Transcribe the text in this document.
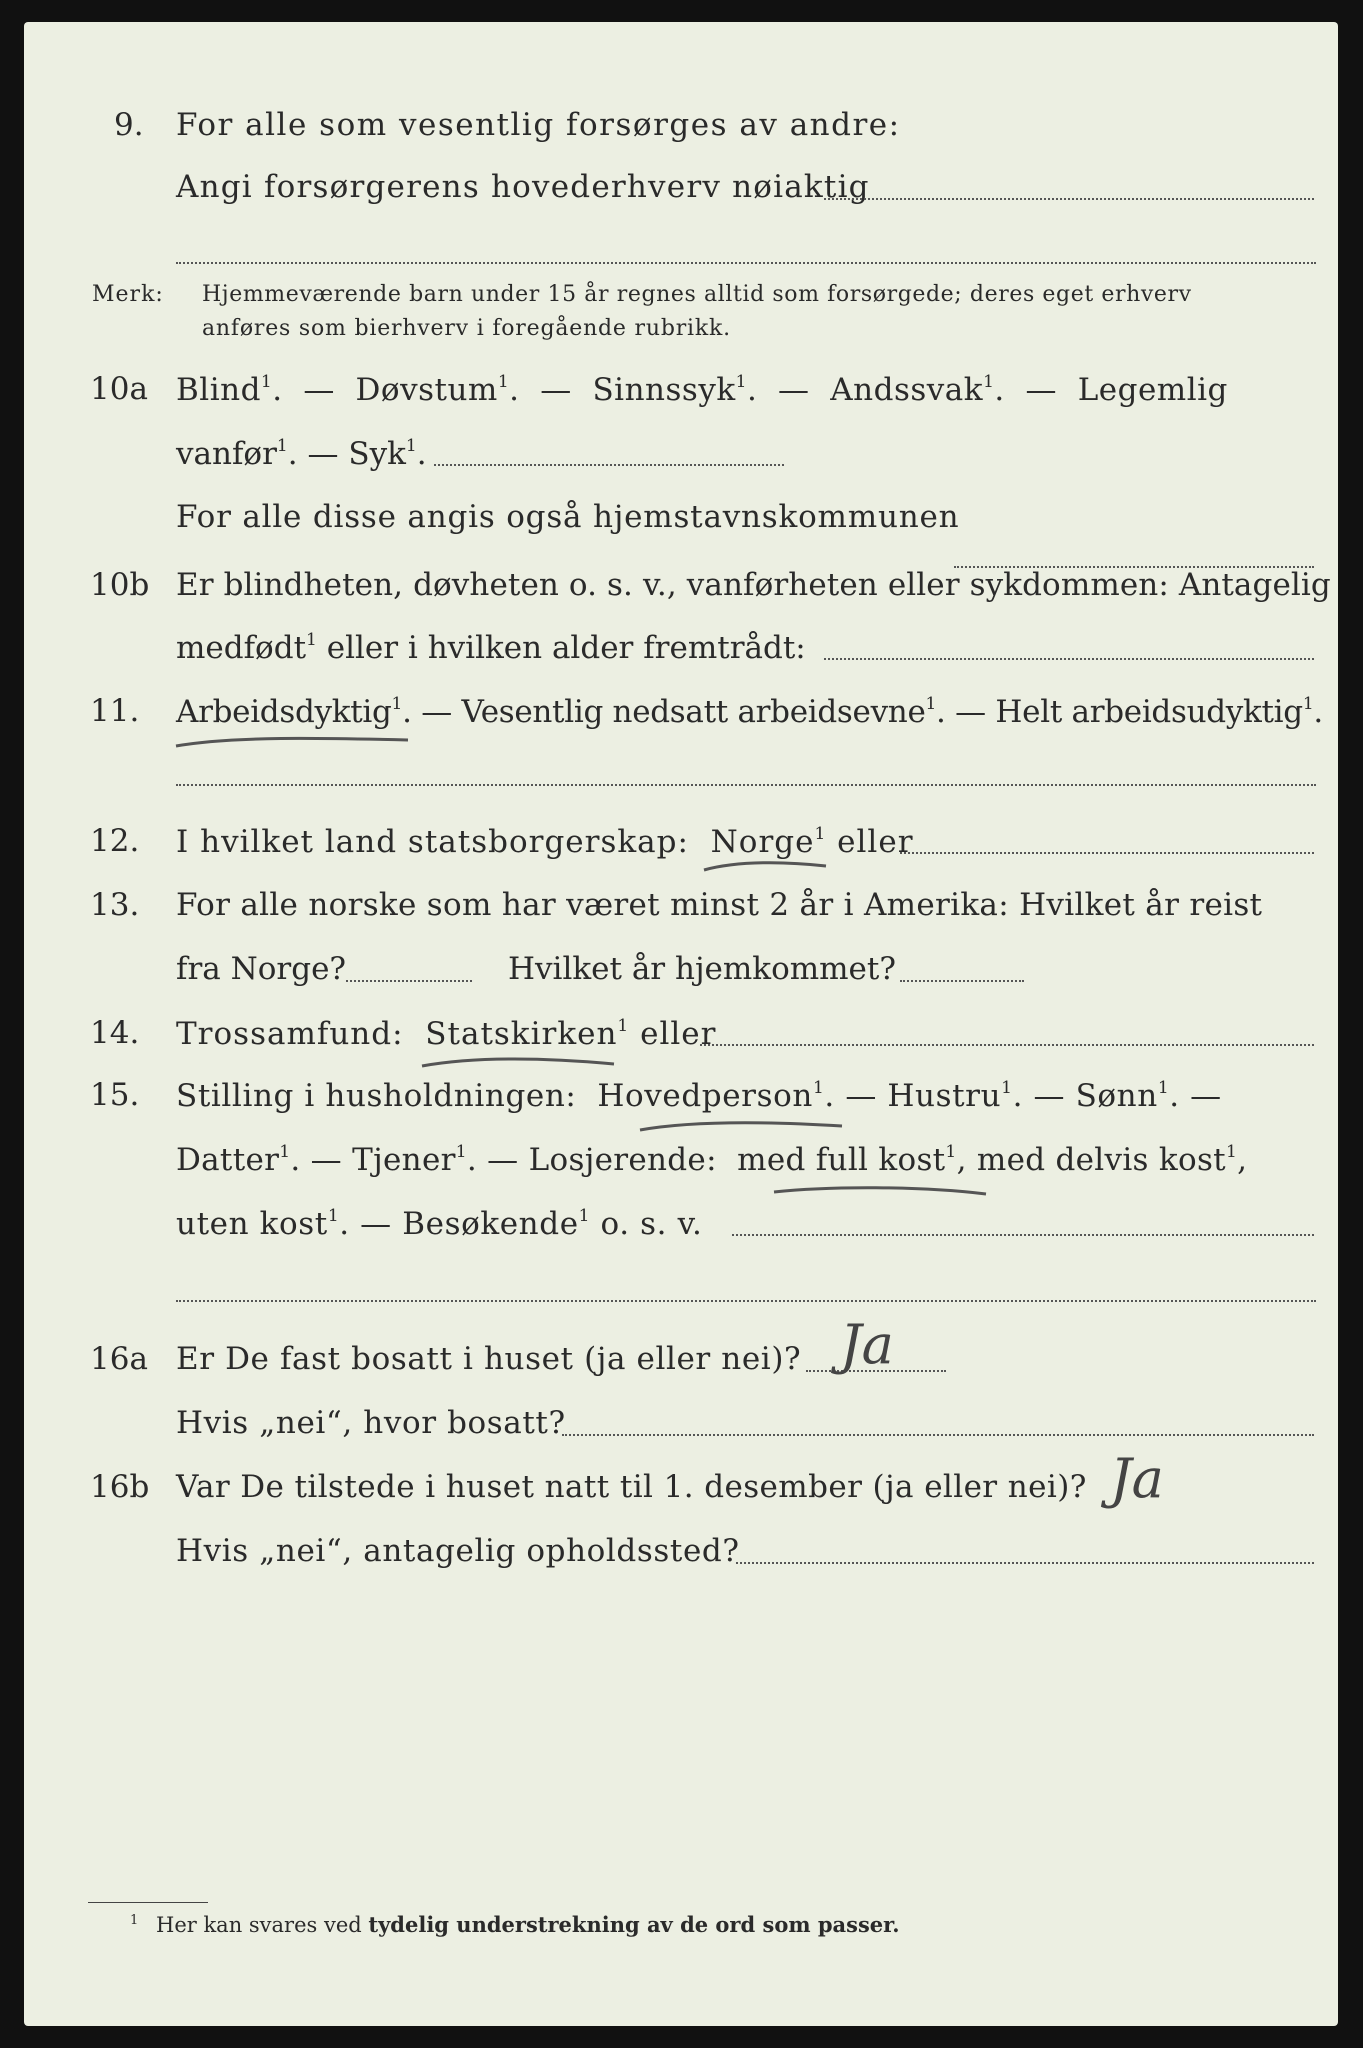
9. For alle som vesentlig forsørges av andre:
Angi forsørgerens hovederhverv nøiaktig
Merk: Hjemmeværende barn under 15 år regnes alltid som forsørgede; deres eget erhverv
anføres som bierhverv i foregående rubrikk.
10a Blind$^1$.  — Døvstum$^1$.  — Sinnssyk$^1$.  — Andssvak$^1$.  — Legemlig
vanfør$^1$. — Syk$^1$.
For alle disse angis også hjemstavnskommunen
10b Er blindheten, døvheten o. s. v., vanførheten eller sykdommen: Antagelig
medfødt$^1$ eller i hvilken alder fremtrådt:
11. Arbeidsdyktig$^1$. — Vesentlig nedsatt arbeidsevne$^1$. — Helt arbeidsudyktig$^1$.
12. I hvilket land statsborgerskap: Norge$^1$ eller
13. For alle norske som har været minst 2 år i Amerika: Hvilket år reist
fra Norge?	Hvilket år hjemkommet?
14. Trossamfund: Statskirken$^1$ eller
15. Stilling i husholdningen: Hovedperson$^1$. — Hustru$^1$. — Sønn$^1$. —
Datter$^1$. — Tjener$^1$. — Losjerende: med full kost$^1$, med delvis kost$^1$,
uten kost$^1$. — Besøkende$^1$ o. s. v.
16a Er De fast bosatt i huset (ja eller nei)? Ja
Hvis „nei“, hvor bosatt?
16b Var De tilstede i huset natt til 1. desember (ja eller nei)? Ja
Hvis „nei“, antagelig opholdssted?
1 Her kan svares ved tydelig understrekning av de ord som passer.
